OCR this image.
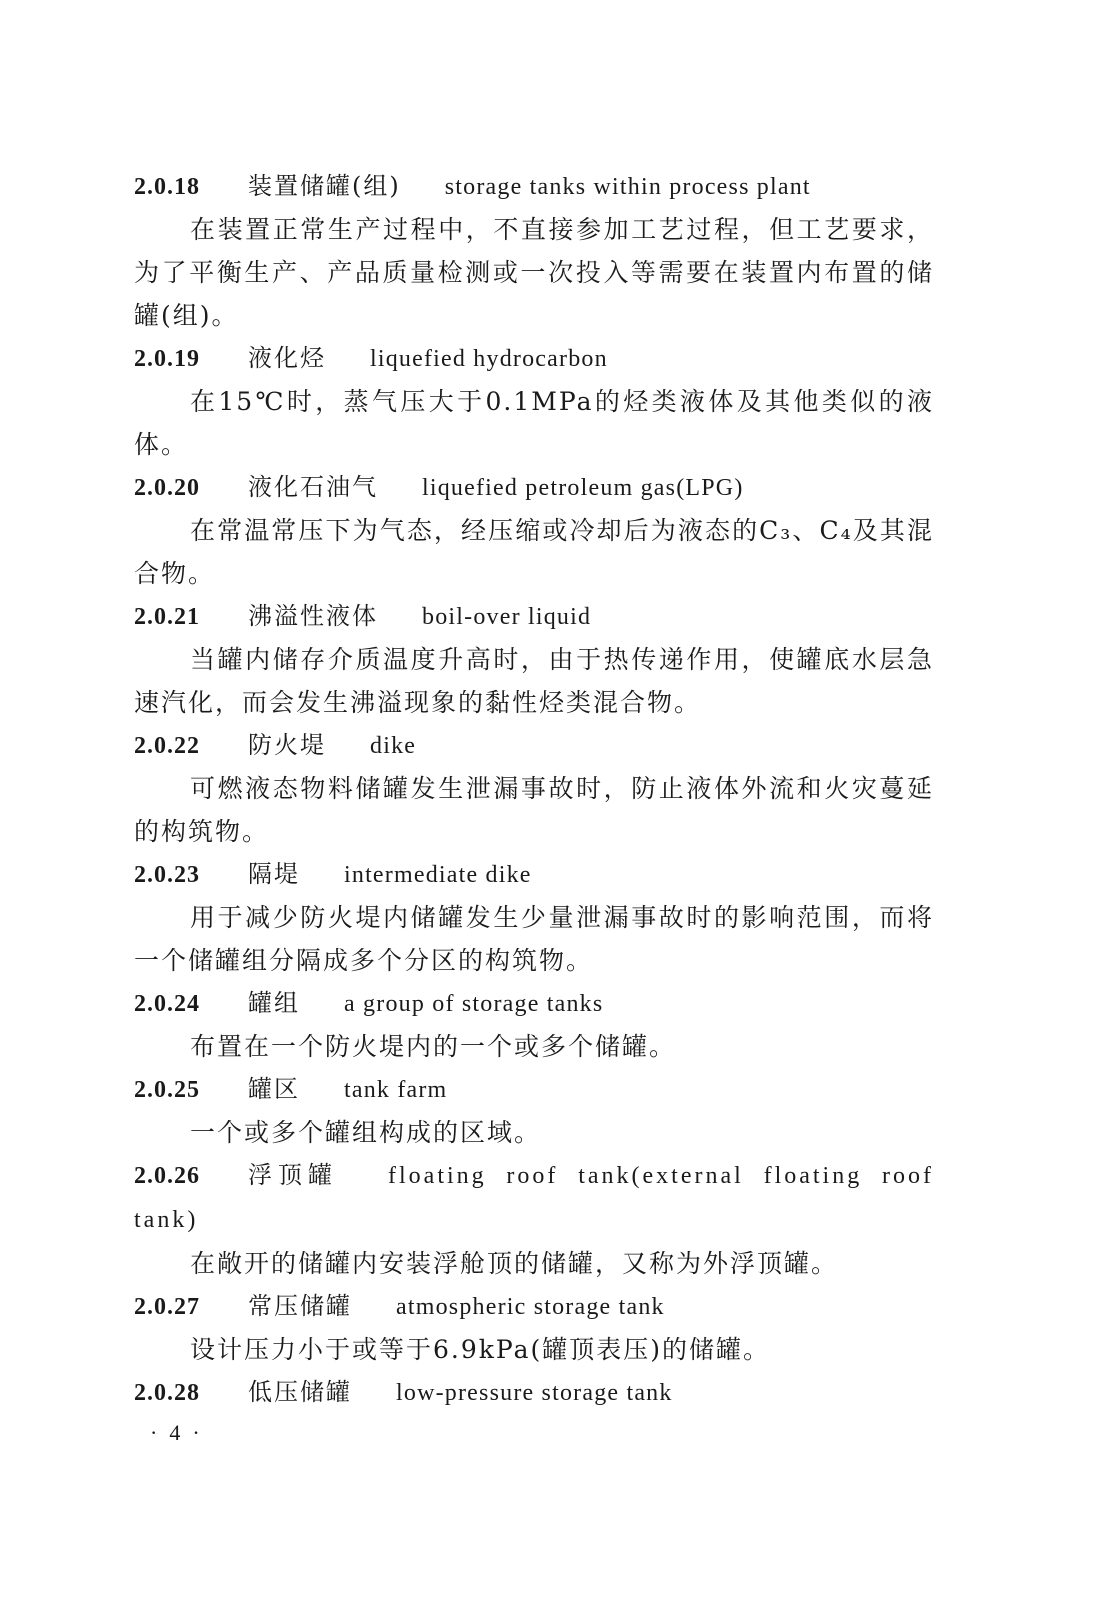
2.0.18 装置储罐(组) storage tanks within process plant

在装置正常生产过程中，不直接参加工艺过程，但工艺要求，为了平衡生产、产品质量检测或一次投入等需要在装置内布置的储罐(组)。

2.0.19 液化烃 liquefied hydrocarbon

在15℃时，蒸气压大于0.1MPa的烃类液体及其他类似的液体。

2.0.20 液化石油气 liquefied petroleum gas(LPG)

在常温常压下为气态，经压缩或冷却后为液态的C₃、C₄及其混合物。

2.0.21 沸溢性液体 boil-over liquid

当罐内储存介质温度升高时，由于热传递作用，使罐底水层急速汽化，而会发生沸溢现象的黏性烃类混合物。

2.0.22 防火堤 dike

可燃液态物料储罐发生泄漏事故时，防止液体外流和火灾蔓延的构筑物。

2.0.23 隔堤 intermediate dike

用于减少防火堤内储罐发生少量泄漏事故时的影响范围，而将一个储罐组分隔成多个分区的构筑物。

2.0.24 罐组 a group of storage tanks

布置在一个防火堤内的一个或多个储罐。

2.0.25 罐区 tank farm

一个或多个罐组构成的区域。

2.0.26 浮顶罐 floating roof tank(external floating roof tank)

在敞开的储罐内安装浮舱顶的储罐，又称为外浮顶罐。

2.0.27 常压储罐 atmospheric storage tank

设计压力小于或等于6.9kPa(罐顶表压)的储罐。

2.0.28 低压储罐 low-pressure storage tank
·4·
